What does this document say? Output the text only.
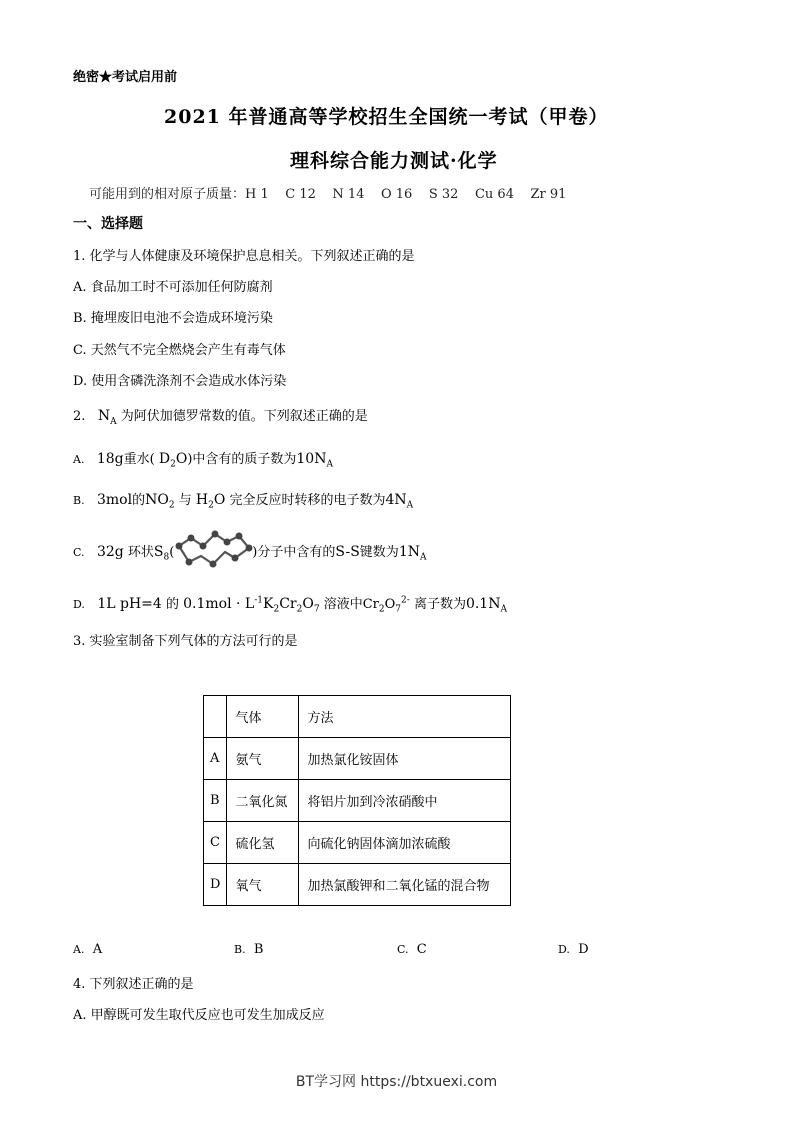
绝密★考试启用前
2021 年普通高等学校招生全国统一考试（甲卷）
理科综合能力测试·化学
可能用到的相对原子质量：H 1    C 12    N 14    O 16    S 32    Cu 64    Zr 91
一、选择题
1. 化学与人体健康及环境保护息息相关。下列叙述正确的是
A. 食品加工时不可添加任何防腐剂
B. 掩埋废旧电池不会造成环境污染
C. 天然气不完全燃烧会产生有毒气体
D. 使用含磷洗涤剂不会造成水体污染
2. $N_A$ 为阿伏加德罗常数的值。下列叙述正确的是
A. 18g重水( $D_2O$)中含有的质子数为$10N_A$
B. 3mol的$NO_2$ 与 $H_2O$ 完全反应时转移的电子数为$4N_A$
C. 32g 环状$S_8$(	)分子中含有的S-S键数为$1N_A$
D. 1L pH=4 的 $0.1mol \cdot L^{-1}K_2Cr_2O_7$ 溶液中$Cr_2O_7^{2-}$ 离子数为$0.1N_A$
3. 实验室制备下列气体的方法可行的是
	气体	方法
A	氨气	加热氯化铵固体
B	二氧化氮	将铝片加到冷浓硝酸中
C	硫化氢	向硫化钠固体滴加浓硫酸
D	氧气	加热氯酸钾和二氧化锰的混合物
A. A	B. B	C. C	D. D
4. 下列叙述正确的是
A. 甲醇既可发生取代反应也可发生加成反应
BT学习网 https://btxuexi.com
